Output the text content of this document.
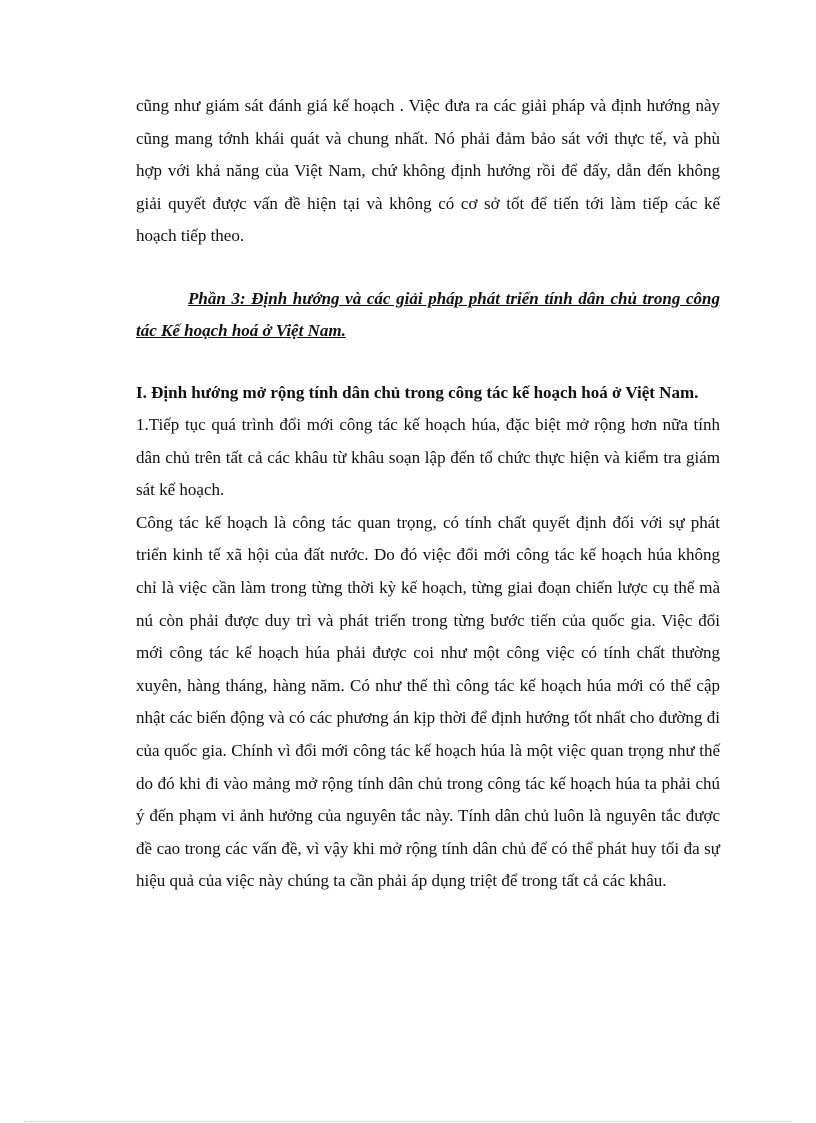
cũng như giám sát đánh giá kế hoạch . Việc đưa ra các giải pháp và định hướng này cũng mang tớnh khái quát và chung nhất. Nó phải đảm bảo sát với thực tế, và phù hợp với khả năng của Việt Nam, chứ không định hướng rồi để đấy, dẫn đến không giải quyết được vấn đề hiện tại và không có cơ sở tốt để tiến tới làm tiếp các kế hoạch tiếp theo.

Phần 3: Định hướng và các giải pháp phát triển tính dân chủ trong công tác Kế hoạch hoá ở Việt Nam.

I. Định hướng mở rộng tính dân chủ trong công tác kế hoạch hoá ở Việt Nam.

1.Tiếp tục quá trình đổi mới công tác kế hoạch húa, đặc biệt mở rộng hơn nữa tính dân chủ trên tất cả các khâu từ khâu soạn lập đến tổ chức thực hiện và kiểm tra giám sát kế hoạch.

Công tác kế hoạch là công tác quan trọng, có tính chất quyết định đối với sự phát triển kinh tế xã hội của đất nước. Do đó việc đổi mới công tác kế hoạch húa không chỉ là việc cần làm trong từng thời kỳ kế hoạch, từng giai đoạn chiến lược cụ thể mà nú còn phải được duy trì và phát triển trong từng bước tiến của quốc gia. Việc đổi mới công tác kế hoạch húa phải được coi như một công việc có tính chất thường xuyên, hàng tháng, hàng năm. Có như thế thì công tác kế hoạch húa mới có thể cập nhật các biến động và có các phương án kịp thời để định hướng tốt nhất cho đường đi của quốc gia. Chính vì đổi mới công tác kế hoạch húa là một việc quan trọng như thế do đó khi đi vào mảng mở rộng tính dân chủ trong công tác kế hoạch húa ta phải chú ý đến phạm vi ảnh hưởng của nguyên tắc này. Tính dân chủ luôn là nguyên tắc được đề cao trong các vấn đề, vì vậy khi mở rộng tính dân chủ để có thể phát huy tối đa sự hiệu quả của việc này chúng ta cần phải áp dụng triệt để trong tất cả các khâu.
